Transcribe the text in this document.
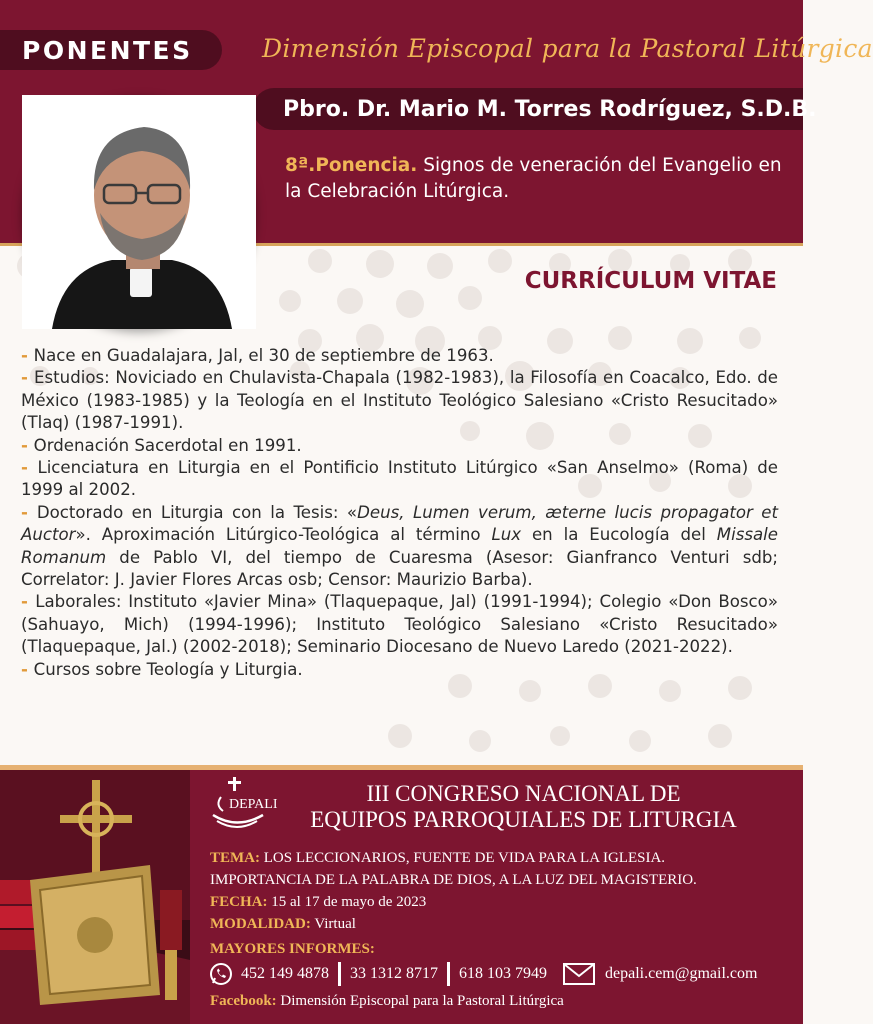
PONENTES	Dimensión Episcopal para la Pastoral Litúrgica
Pbro. Dr. Mario M. Torres Rodríguez, S.D.B.
8ª.Ponencia. Signos de veneración del Evangelio en la Celebración Litúrgica.
CURRÍCULUM VITAE
- Nace en Guadalajara, Jal, el 30 de septiembre de 1963.
- Estudios: Noviciado en Chulavista-Chapala (1982-1983), la Filosofía en Coacalco, Edo. de México (1983-1985) y la Teología en el Instituto Teológico Salesiano «Cristo Resucitado» (Tlaq) (1987-1991).
- Ordenación Sacerdotal en 1991.
- Licenciatura en Liturgia en el Pontificio Instituto Litúrgico «San Anselmo» (Roma) de 1999 al 2002.
- Doctorado en Liturgia con la Tesis: «Deus, Lumen verum, æterne lucis propagator et Auctor». Aproximación Litúrgico-Teológica al término Lux en la Eucología del Missale Romanum de Pablo VI, del tiempo de Cuaresma (Asesor: Gianfranco Venturi sdb; Correlator: J. Javier Flores Arcas osb; Censor: Maurizio Barba).
- Laborales: Instituto «Javier Mina» (Tlaquepaque, Jal) (1991-1994); Colegio «Don Bosco» (Sahuayo, Mich) (1994-1996); Instituto Teológico Salesiano «Cristo Resucitado» (Tlaquepaque, Jal.) (2002-2018); Seminario Diocesano de Nuevo Laredo (2021-2022).
- Cursos sobre Teología y Liturgia.
DEPALI	III CONGRESO NACIONAL DE
EQUIPOS PARROQUIALES DE LITURGIA
TEMA: LOS LECCIONARIOS, FUENTE DE VIDA PARA LA IGLESIA.
IMPORTANCIA DE LA PALABRA DE DIOS, A LA LUZ DEL MAGISTERIO.
FECHA: 15 al 17 de mayo de 2023
MODALIDAD: Virtual
MAYORES INFORMES:
452 149 4878 33 1312 8717 618 103 7949	depali.cem@gmail.com
Facebook: Dimensión Episcopal para la Pastoral Litúrgica
